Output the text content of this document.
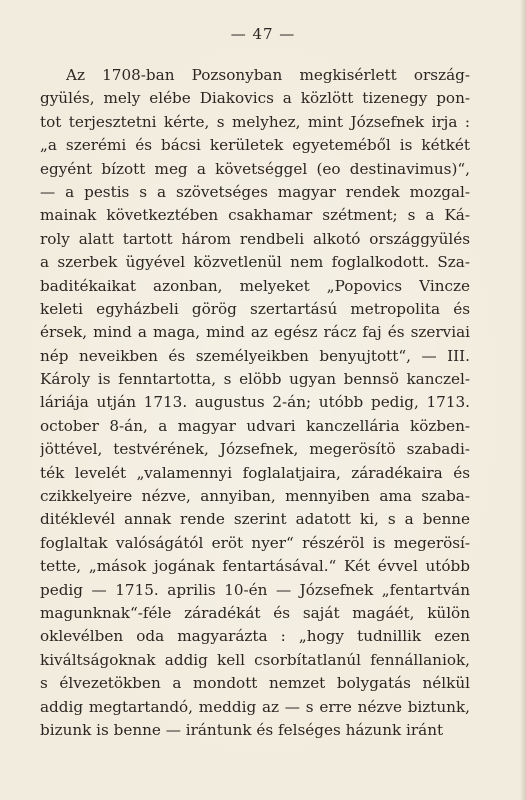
— 47 —
Az 1708-ban Pozsonyban megkisérlett ország-
gyülés, mely elébe Diakovics a közlött tizenegy pon-
tot terjesztetni kérte, s melyhez, mint Józsefnek irja :
„a szerémi és bácsi kerületek egyeteméből is kétkét
egyént bízott meg a követséggel (eo destinavimus)“,
— a pestis s a szövetséges magyar rendek mozgal-
mainak következtében csakhamar szétment; s a Ká-
roly alatt tartott három rendbeli alkotó országgyülés
a szerbek ügyével közvetlenül nem foglalkodott. Sza-
baditékaikat azonban, melyeket „Popovics Vincze
keleti egyházbeli görög szertartású metropolita és
érsek, mind a maga, mind az egész rácz faj és szerviai
nép neveikben és személyeikben benyujtott“, — III.
Károly is fenntartotta, s elöbb ugyan bennsö kanczel-
láriája utján 1713. augustus 2-án; utóbb pedig, 1713.
october 8-án, a magyar udvari kanczellária közben-
jöttével, testvérének, Józsefnek, megerösítö szabadi-
ték levelét „valamennyi foglalatjaira, záradékaira és
czikkelyeire nézve, annyiban, mennyiben ama szaba-
ditéklevél annak rende szerint adatott ki, s a benne
foglaltak valóságától eröt nyer“ részéröl is megerösí-
tette, „mások jogának fentartásával.“ Két évvel utóbb
pedig — 1715. aprilis 10-én — Józsefnek „fentartván
magunknak“-féle záradékát és saját magáét, külön
oklevélben oda magyarázta : „hogy tudnillik ezen
kiváltságoknak addig kell csorbítatlanúl fennállaniok,
s élvezetökben a mondott nemzet bolygatás nélkül
addig megtartandó, meddig az — s erre nézve biztunk,
bizunk is benne — irántunk és felséges házunk iránt
